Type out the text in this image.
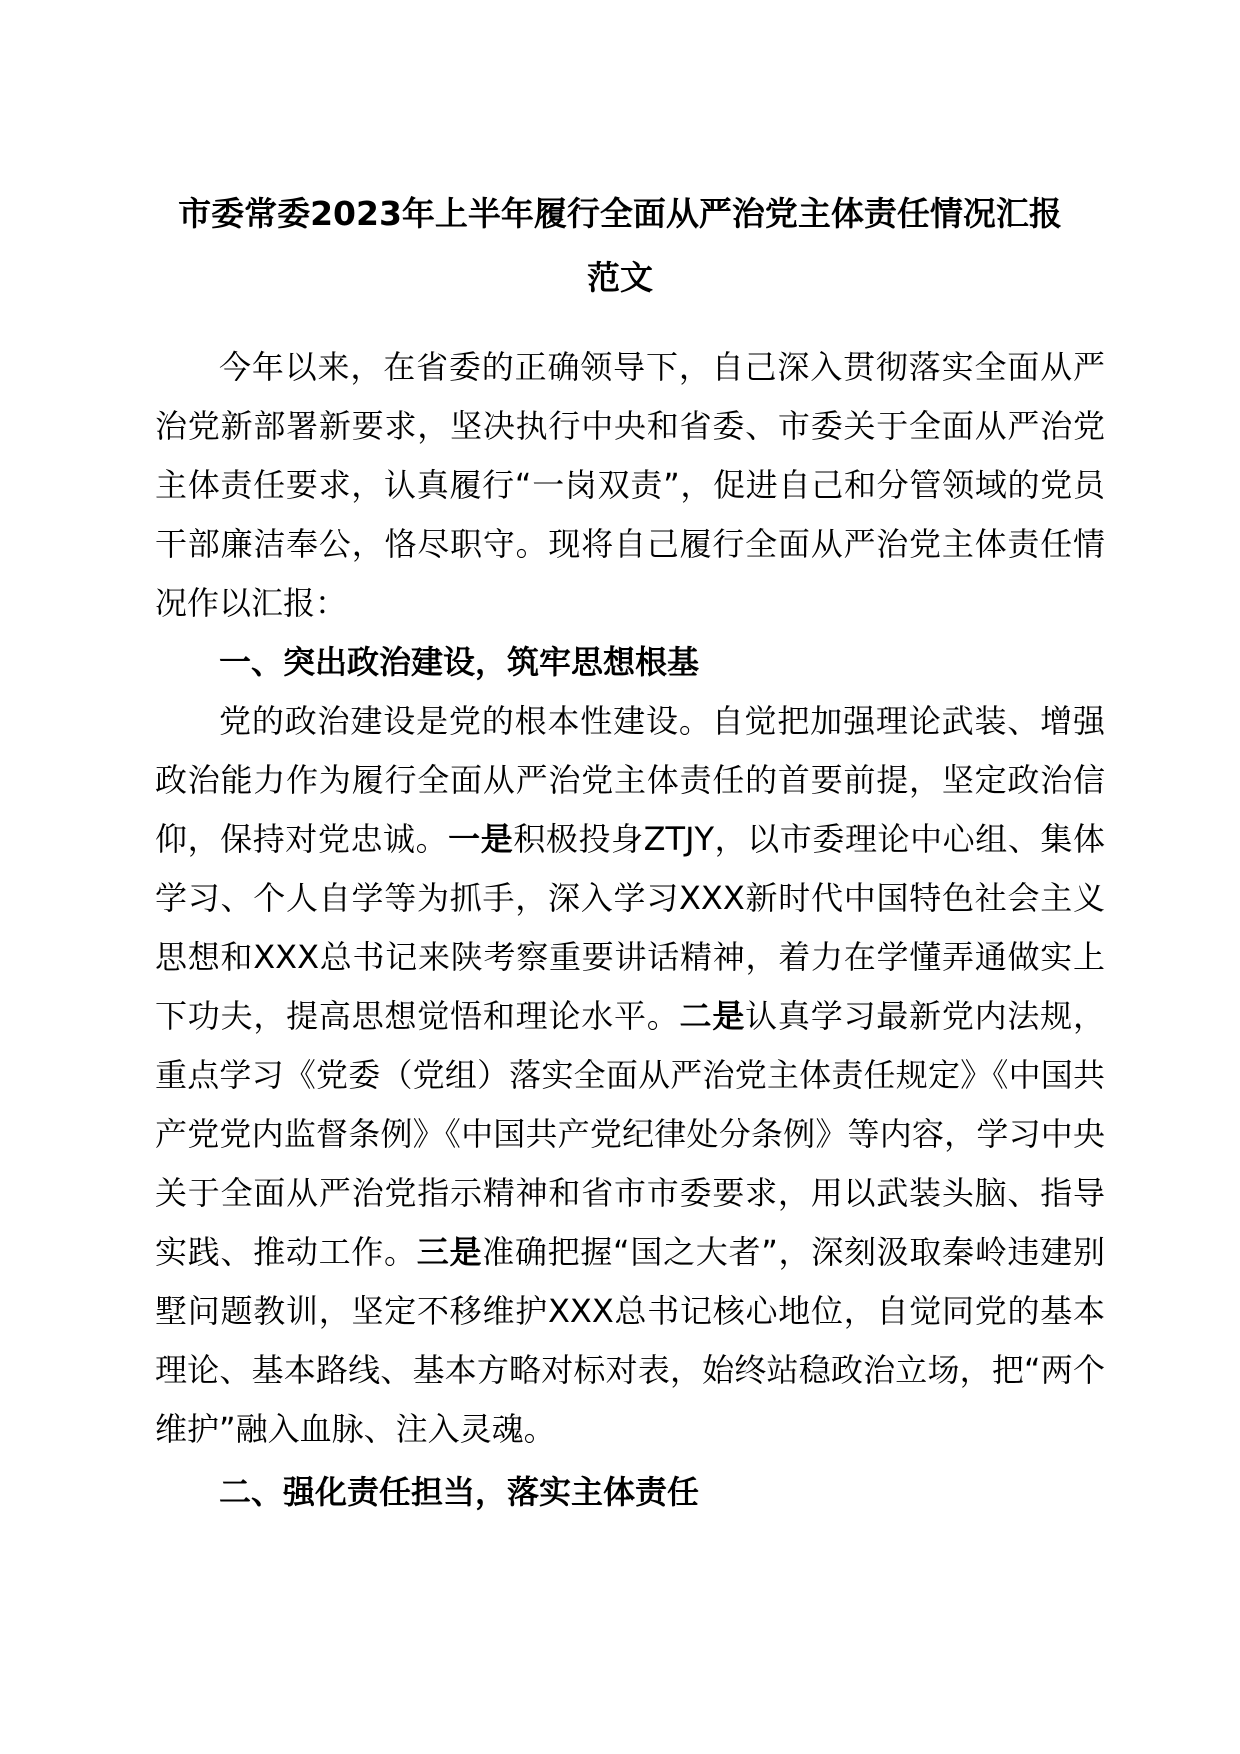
市委常委2023年上半年履行全面从严治党主体责任情况汇报
范文

今年以来，在省委的正确领导下，自己深入贯彻落实全面从严治党新部署新要求，坚决执行中央和省委、市委关于全面从严治党主体责任要求，认真履行“一岗双责”，促进自己和分管领域的党员干部廉洁奉公，恪尽职守。现将自己履行全面从严治党主体责任情况作以汇报：

一、突出政治建设，筑牢思想根基

党的政治建设是党的根本性建设。自觉把加强理论武装、增强政治能力作为履行全面从严治党主体责任的首要前提，坚定政治信仰，保持对党忠诚。一是积极投身ZTJY，以市委理论中心组、集体学习、个人自学等为抓手，深入学习XXX新时代中国特色社会主义思想和XXX总书记来陕考察重要讲话精神，着力在学懂弄通做实上下功夫，提高思想觉悟和理论水平。二是认真学习最新党内法规，重点学习《党委（党组）落实全面从严治党主体责任规定》《中国共产党党内监督条例》《中国共产党纪律处分条例》等内容，学习中央关于全面从严治党指示精神和省市市委要求，用以武装头脑、指导实践、推动工作。三是准确把握“国之大者”，深刻汲取秦岭违建别墅问题教训，坚定不移维护XXX总书记核心地位，自觉同党的基本理论、基本路线、基本方略对标对表，始终站稳政治立场，把“两个维护”融入血脉、注入灵魂。

二、强化责任担当，落实主体责任
